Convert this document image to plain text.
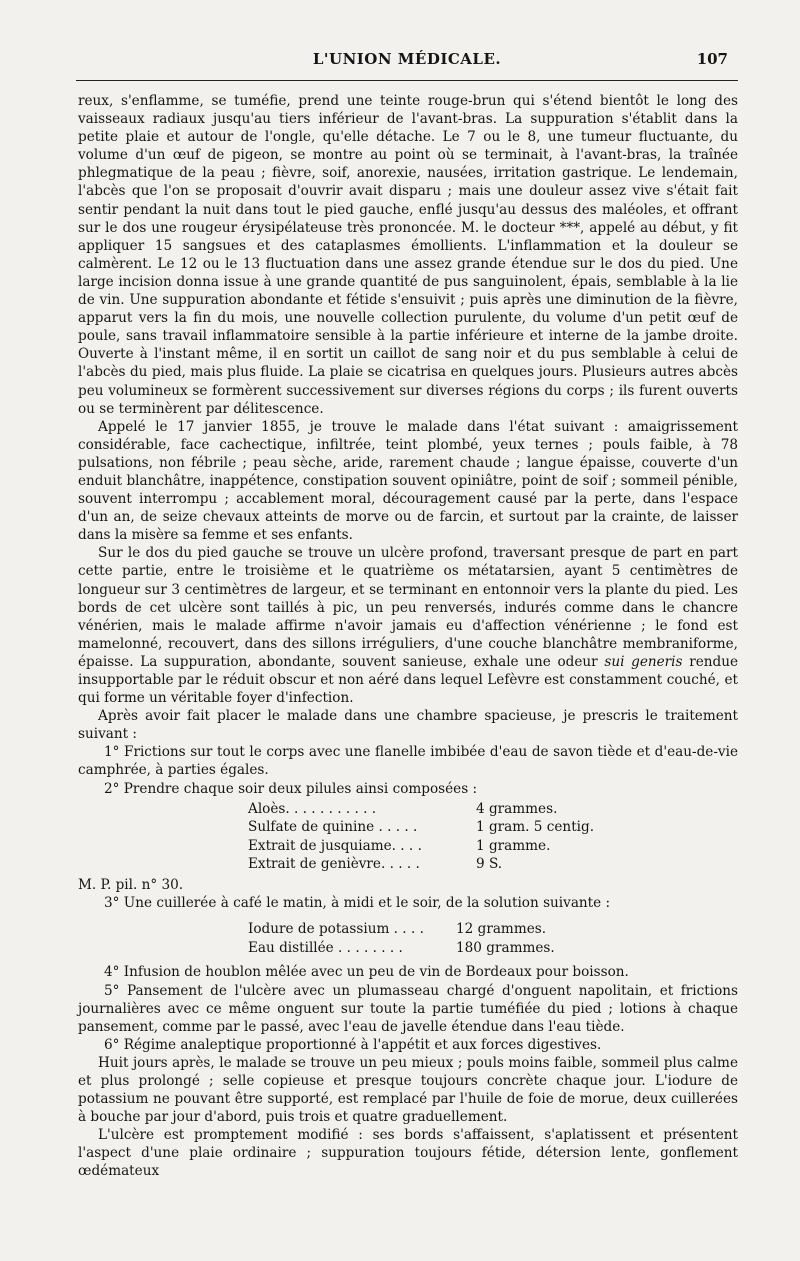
L'UNION MÉDICALE.	107

reux, s'enflamme, se tuméfie, prend une teinte rouge-brun qui s'étend bientôt le long des vaisseaux radiaux jusqu'au tiers inférieur de l'avant-bras. La suppuration s'établit dans la petite plaie et autour de l'ongle, qu'elle détache. Le 7 ou le 8, une tumeur fluctuante, du volume d'un œuf de pigeon, se montre au point où se terminait, à l'avant-bras, la traînée phlegmatique de la peau ; fièvre, soif, anorexie, nausées, irritation gastrique. Le lendemain, l'abcès que l'on se proposait d'ouvrir avait disparu ; mais une douleur assez vive s'était fait sentir pendant la nuit dans tout le pied gauche, enflé jusqu'au dessus des maléoles, et offrant sur le dos une rougeur érysipélateuse très prononcée. M. le docteur ***, appelé au début, y fit appliquer 15 sangsues et des cataplasmes émollients. L'inflammation et la douleur se calmèrent. Le 12 ou le 13 fluctuation dans une assez grande étendue sur le dos du pied. Une large incision donna issue à une grande quantité de pus sanguinolent, épais, semblable à la lie de vin. Une suppuration abondante et fétide s'ensuivit ; puis après une diminution de la fièvre, apparut vers la fin du mois, une nouvelle collection purulente, du volume d'un petit œuf de poule, sans travail inflammatoire sensible à la partie inférieure et interne de la jambe droite. Ouverte à l'instant même, il en sortit un caillot de sang noir et du pus semblable à celui de l'abcès du pied, mais plus fluide. La plaie se cicatrisa en quelques jours. Plusieurs autres abcès peu volumineux se formèrent successivement sur diverses régions du corps ; ils furent ouverts ou se terminèrent par délitescence.

Appelé le 17 janvier 1855, je trouve le malade dans l'état suivant : amaigrissement considérable, face cachectique, infiltrée, teint plombé, yeux ternes ; pouls faible, à 78 pulsations, non fébrile ; peau sèche, aride, rarement chaude ; langue épaisse, couverte d'un enduit blanchâtre, inappétence, constipation souvent opiniâtre, point de soif ; sommeil pénible, souvent interrompu ; accablement moral, découragement causé par la perte, dans l'espace d'un an, de seize chevaux atteints de morve ou de farcin, et surtout par la crainte, de laisser dans la misère sa femme et ses enfants.

Sur le dos du pied gauche se trouve un ulcère profond, traversant presque de part en part cette partie, entre le troisième et le quatrième os métatarsien, ayant 5 centimètres de longueur sur 3 centimètres de largeur, et se terminant en entonnoir vers la plante du pied. Les bords de cet ulcère sont taillés à pic, un peu renversés, indurés comme dans le chancre vénérien, mais le malade affirme n'avoir jamais eu d'affection vénérienne ; le fond est mamelonné, recouvert, dans des sillons irréguliers, d'une couche blanchâtre membraniforme, épaisse. La suppuration, abondante, souvent sanieuse, exhale une odeur sui generis rendue insupportable par le réduit obscur et non aéré dans lequel Lefèvre est constamment couché, et qui forme un véritable foyer d'infection.

Après avoir fait placer le malade dans une chambre spacieuse, je prescris le traitement suivant :

1° Frictions sur tout le corps avec une flanelle imbibée d'eau de savon tiède et d'eau-de-vie camphrée, à parties égales.

2° Prendre chaque soir deux pilules ainsi composées :

Aloès. . . . . . . . . . .	4 grammes.
Sulfate de quinine . . . . .	1 gram. 5 centig.
Extrait de jusquiame. . . .	1 gramme.
Extrait de genièvre. . . . .	9 S.

M. P. pil. n° 30.

3° Une cuillerée à café le matin, à midi et le soir, de la solution suivante :

Iodure de potassium . . . .	12 grammes.
Eau distillée . . . . . . . .	180 grammes.

4° Infusion de houblon mêlée avec un peu de vin de Bordeaux pour boisson.

5° Pansement de l'ulcère avec un plumasseau chargé d'onguent napolitain, et frictions journalières avec ce même onguent sur toute la partie tuméfiée du pied ; lotions à chaque pansement, comme par le passé, avec l'eau de javelle étendue dans l'eau tiède.

6° Régime analeptique proportionné à l'appétit et aux forces digestives.

Huit jours après, le malade se trouve un peu mieux ; pouls moins faible, sommeil plus calme et plus prolongé ; selle copieuse et presque toujours concrète chaque jour. L'iodure de potassium ne pouvant être supporté, est remplacé par l'huile de foie de morue, deux cuillerées à bouche par jour d'abord, puis trois et quatre graduellement.

L'ulcère est promptement modifié : ses bords s'affaissent, s'aplatissent et présentent l'aspect d'une plaie ordinaire ; suppuration toujours fétide, détersion lente, gonflement œdémateux
